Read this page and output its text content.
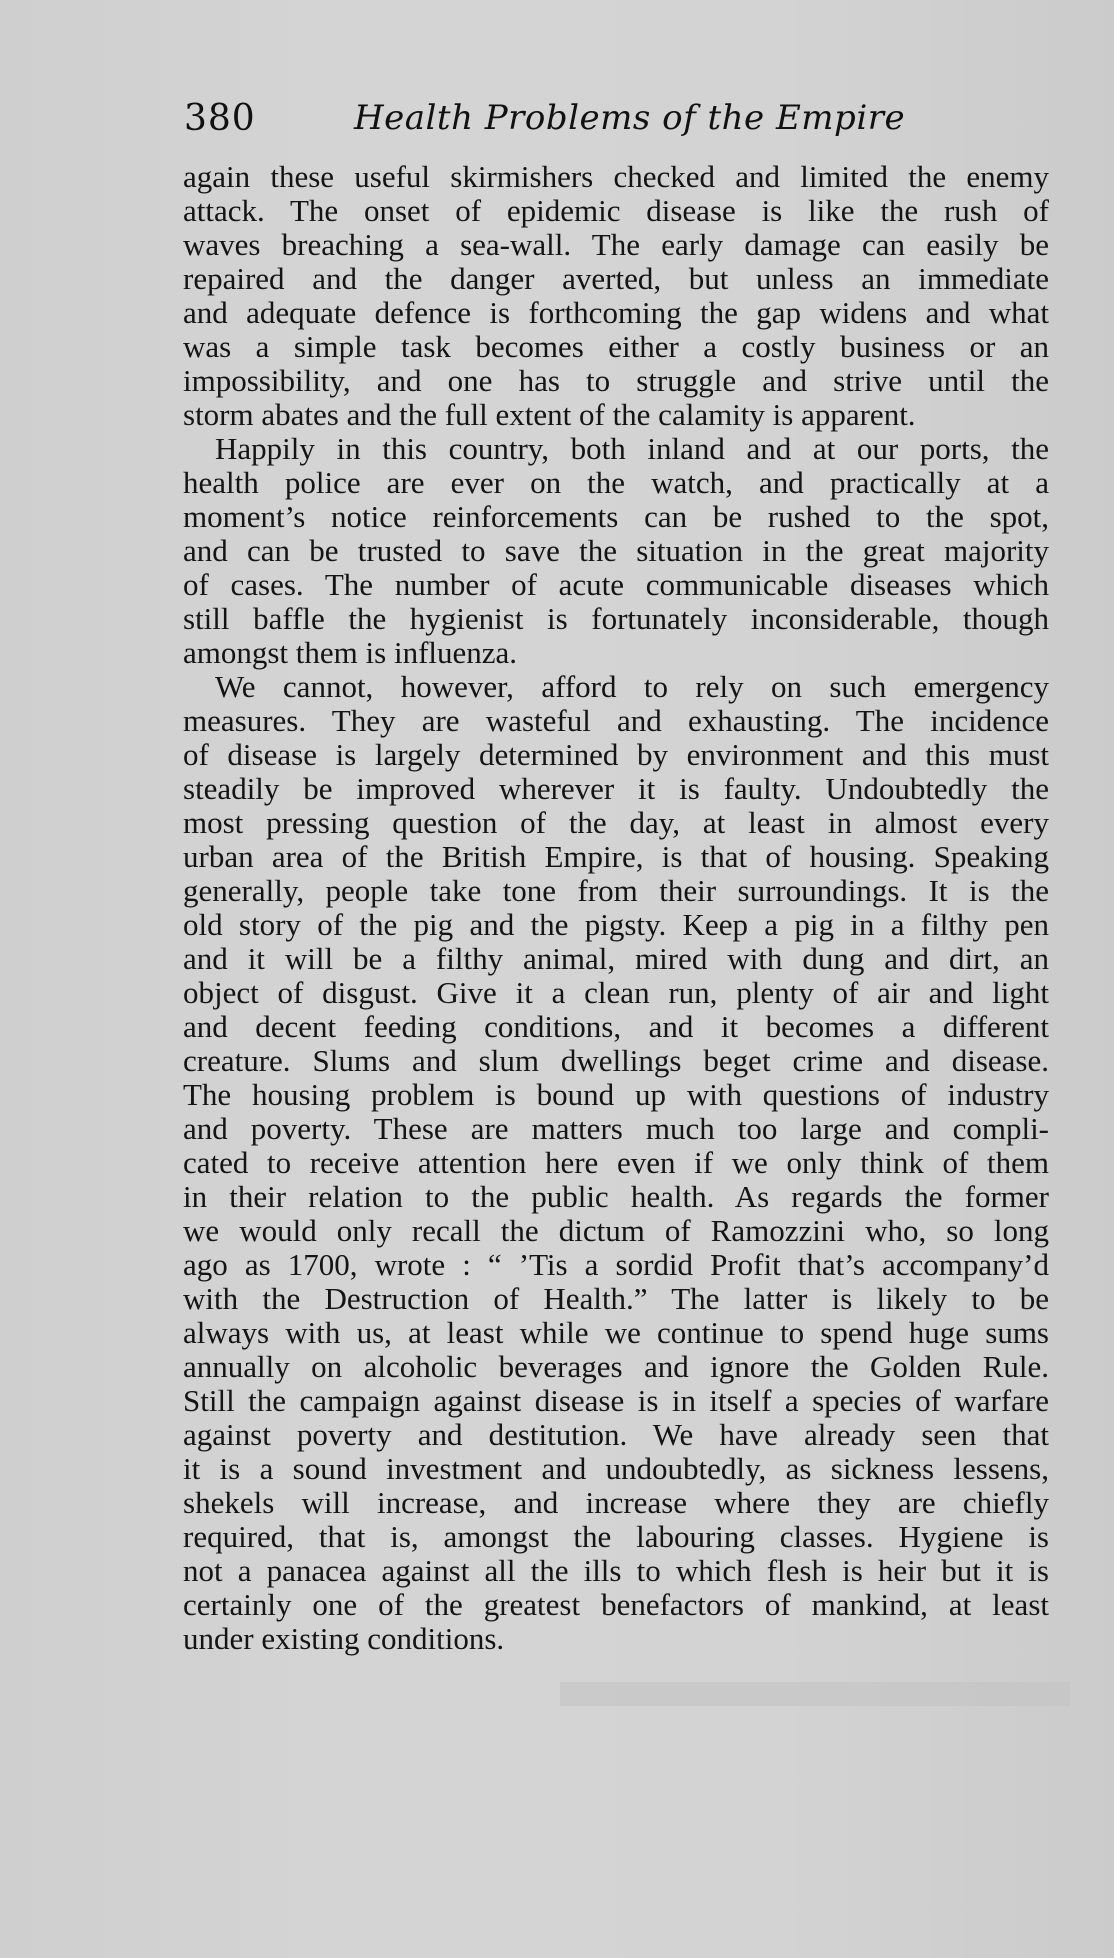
380	Health Problems of the Empire
again these useful skirmishers checked and limited the enemy
attack. The onset of epidemic disease is like the rush of
waves breaching a sea-wall. The early damage can easily be
repaired and the danger averted, but unless an immediate
and adequate defence is forthcoming the gap widens and what
was a simple task becomes either a costly business or an
impossibility, and one has to struggle and strive until the
storm abates and the full extent of the calamity is apparent.
Happily in this country, both inland and at our ports, the
health police are ever on the watch, and practically at a
moment’s notice reinforcements can be rushed to the spot,
and can be trusted to save the situation in the great majority
of cases. The number of acute communicable diseases which
still baffle the hygienist is fortunately inconsiderable, though
amongst them is influenza.
We cannot, however, afford to rely on such emergency
measures. They are wasteful and exhausting. The incidence
of disease is largely determined by environment and this must
steadily be improved wherever it is faulty. Undoubtedly the
most pressing question of the day, at least in almost every
urban area of the British Empire, is that of housing. Speaking
generally, people take tone from their surroundings. It is the
old story of the pig and the pigsty. Keep a pig in a filthy pen
and it will be a filthy animal, mired with dung and dirt, an
object of disgust. Give it a clean run, plenty of air and light
and decent feeding conditions, and it becomes a different
creature. Slums and slum dwellings beget crime and disease.
The housing problem is bound up with questions of industry
and poverty. These are matters much too large and compli-
cated to receive attention here even if we only think of them
in their relation to the public health. As regards the former
we would only recall the dictum of Ramozzini who, so long
ago as 1700, wrote : “ ’Tis a sordid Profit that’s accompany’d
with the Destruction of Health.” The latter is likely to be
always with us, at least while we continue to spend huge sums
annually on alcoholic beverages and ignore the Golden Rule.
Still the campaign against disease is in itself a species of warfare
against poverty and destitution. We have already seen that
it is a sound investment and undoubtedly, as sickness lessens,
shekels will increase, and increase where they are chiefly
required, that is, amongst the labouring classes. Hygiene is
not a panacea against all the ills to which flesh is heir but it is
certainly one of the greatest benefactors of mankind, at least
under existing conditions.
